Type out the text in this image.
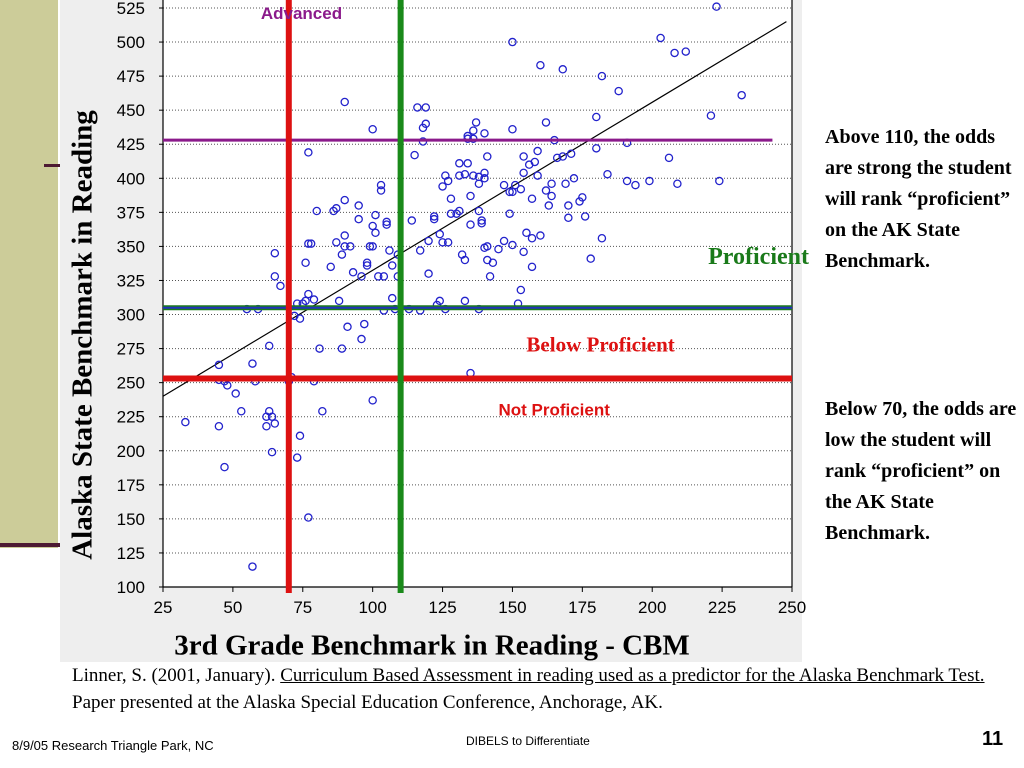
100
125
150
175
200
225
250
275
300
325
350
375
400
425
450
475
500
525
25	50	75	100 125 150 175 200 225 250
Advanced
Proficient
Below Proficient
Not Proficient
Alaska State Benchmark in Reading
3rd Grade Benchmark in Reading - CBM
Above 110, the odds are strong the student will rank “proficient” on the AK State Benchmark.
Below 70, the odds are low the student will rank “proficient” on the AK State Benchmark.
Linner, S. (2001, January). Curriculum Based Assessment in reading used as a predictor for the Alaska Benchmark Test. Paper presented at the Alaska Special Education Conference, Anchorage, AK.
8/9/05 Research Triangle Park, NC	DIBELS to Differentiate	11
